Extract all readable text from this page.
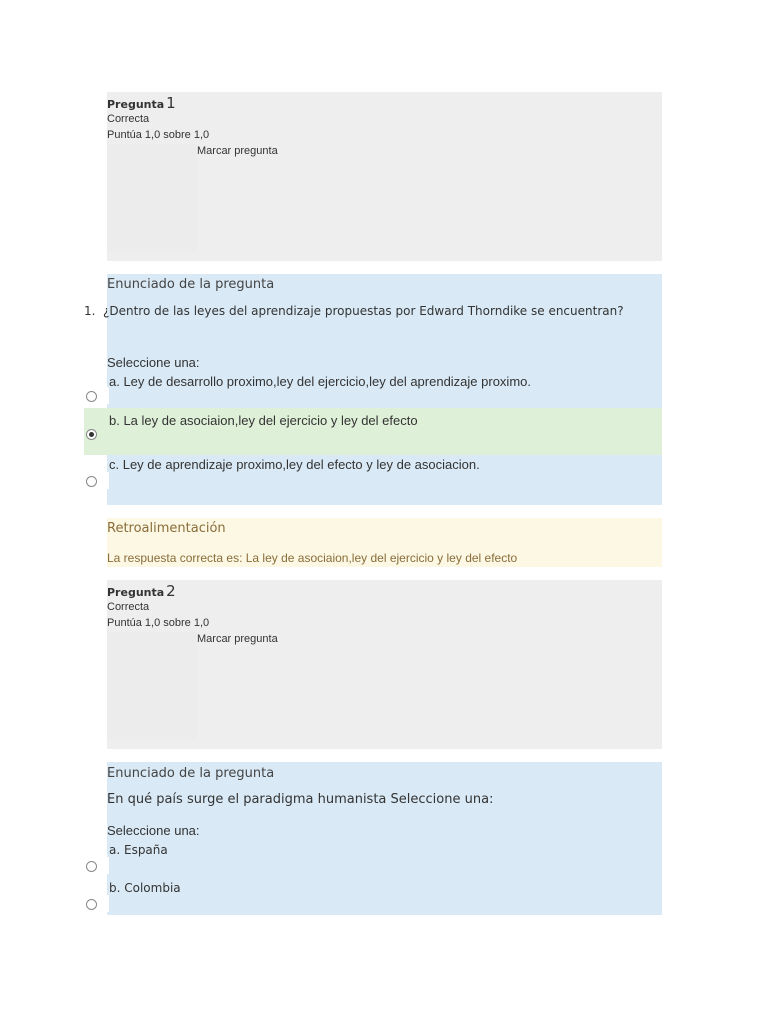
Pregunta 1
Correcta
Puntúa 1,0 sobre 1,0
Marcar pregunta
Enunciado de la pregunta
1. ¿Dentro de las leyes del aprendizaje propuestas por Edward Thorndike se encuentran?
Seleccione una:
a. Ley de desarrollo proximo,ley del ejercicio,ley del aprendizaje proximo.
b. La ley de asociaion,ley del ejercicio y ley del efecto
c. Ley de aprendizaje proximo,ley del efecto y ley de asociacion.
Retroalimentación
La respuesta correcta es: La ley de asociaion,ley del ejercicio y ley del efecto
Pregunta 2
Correcta
Puntúa 1,0 sobre 1,0
Marcar pregunta
Enunciado de la pregunta
En qué país surge el paradigma humanista Seleccione una:
Seleccione una:
a. España
b. Colombia
